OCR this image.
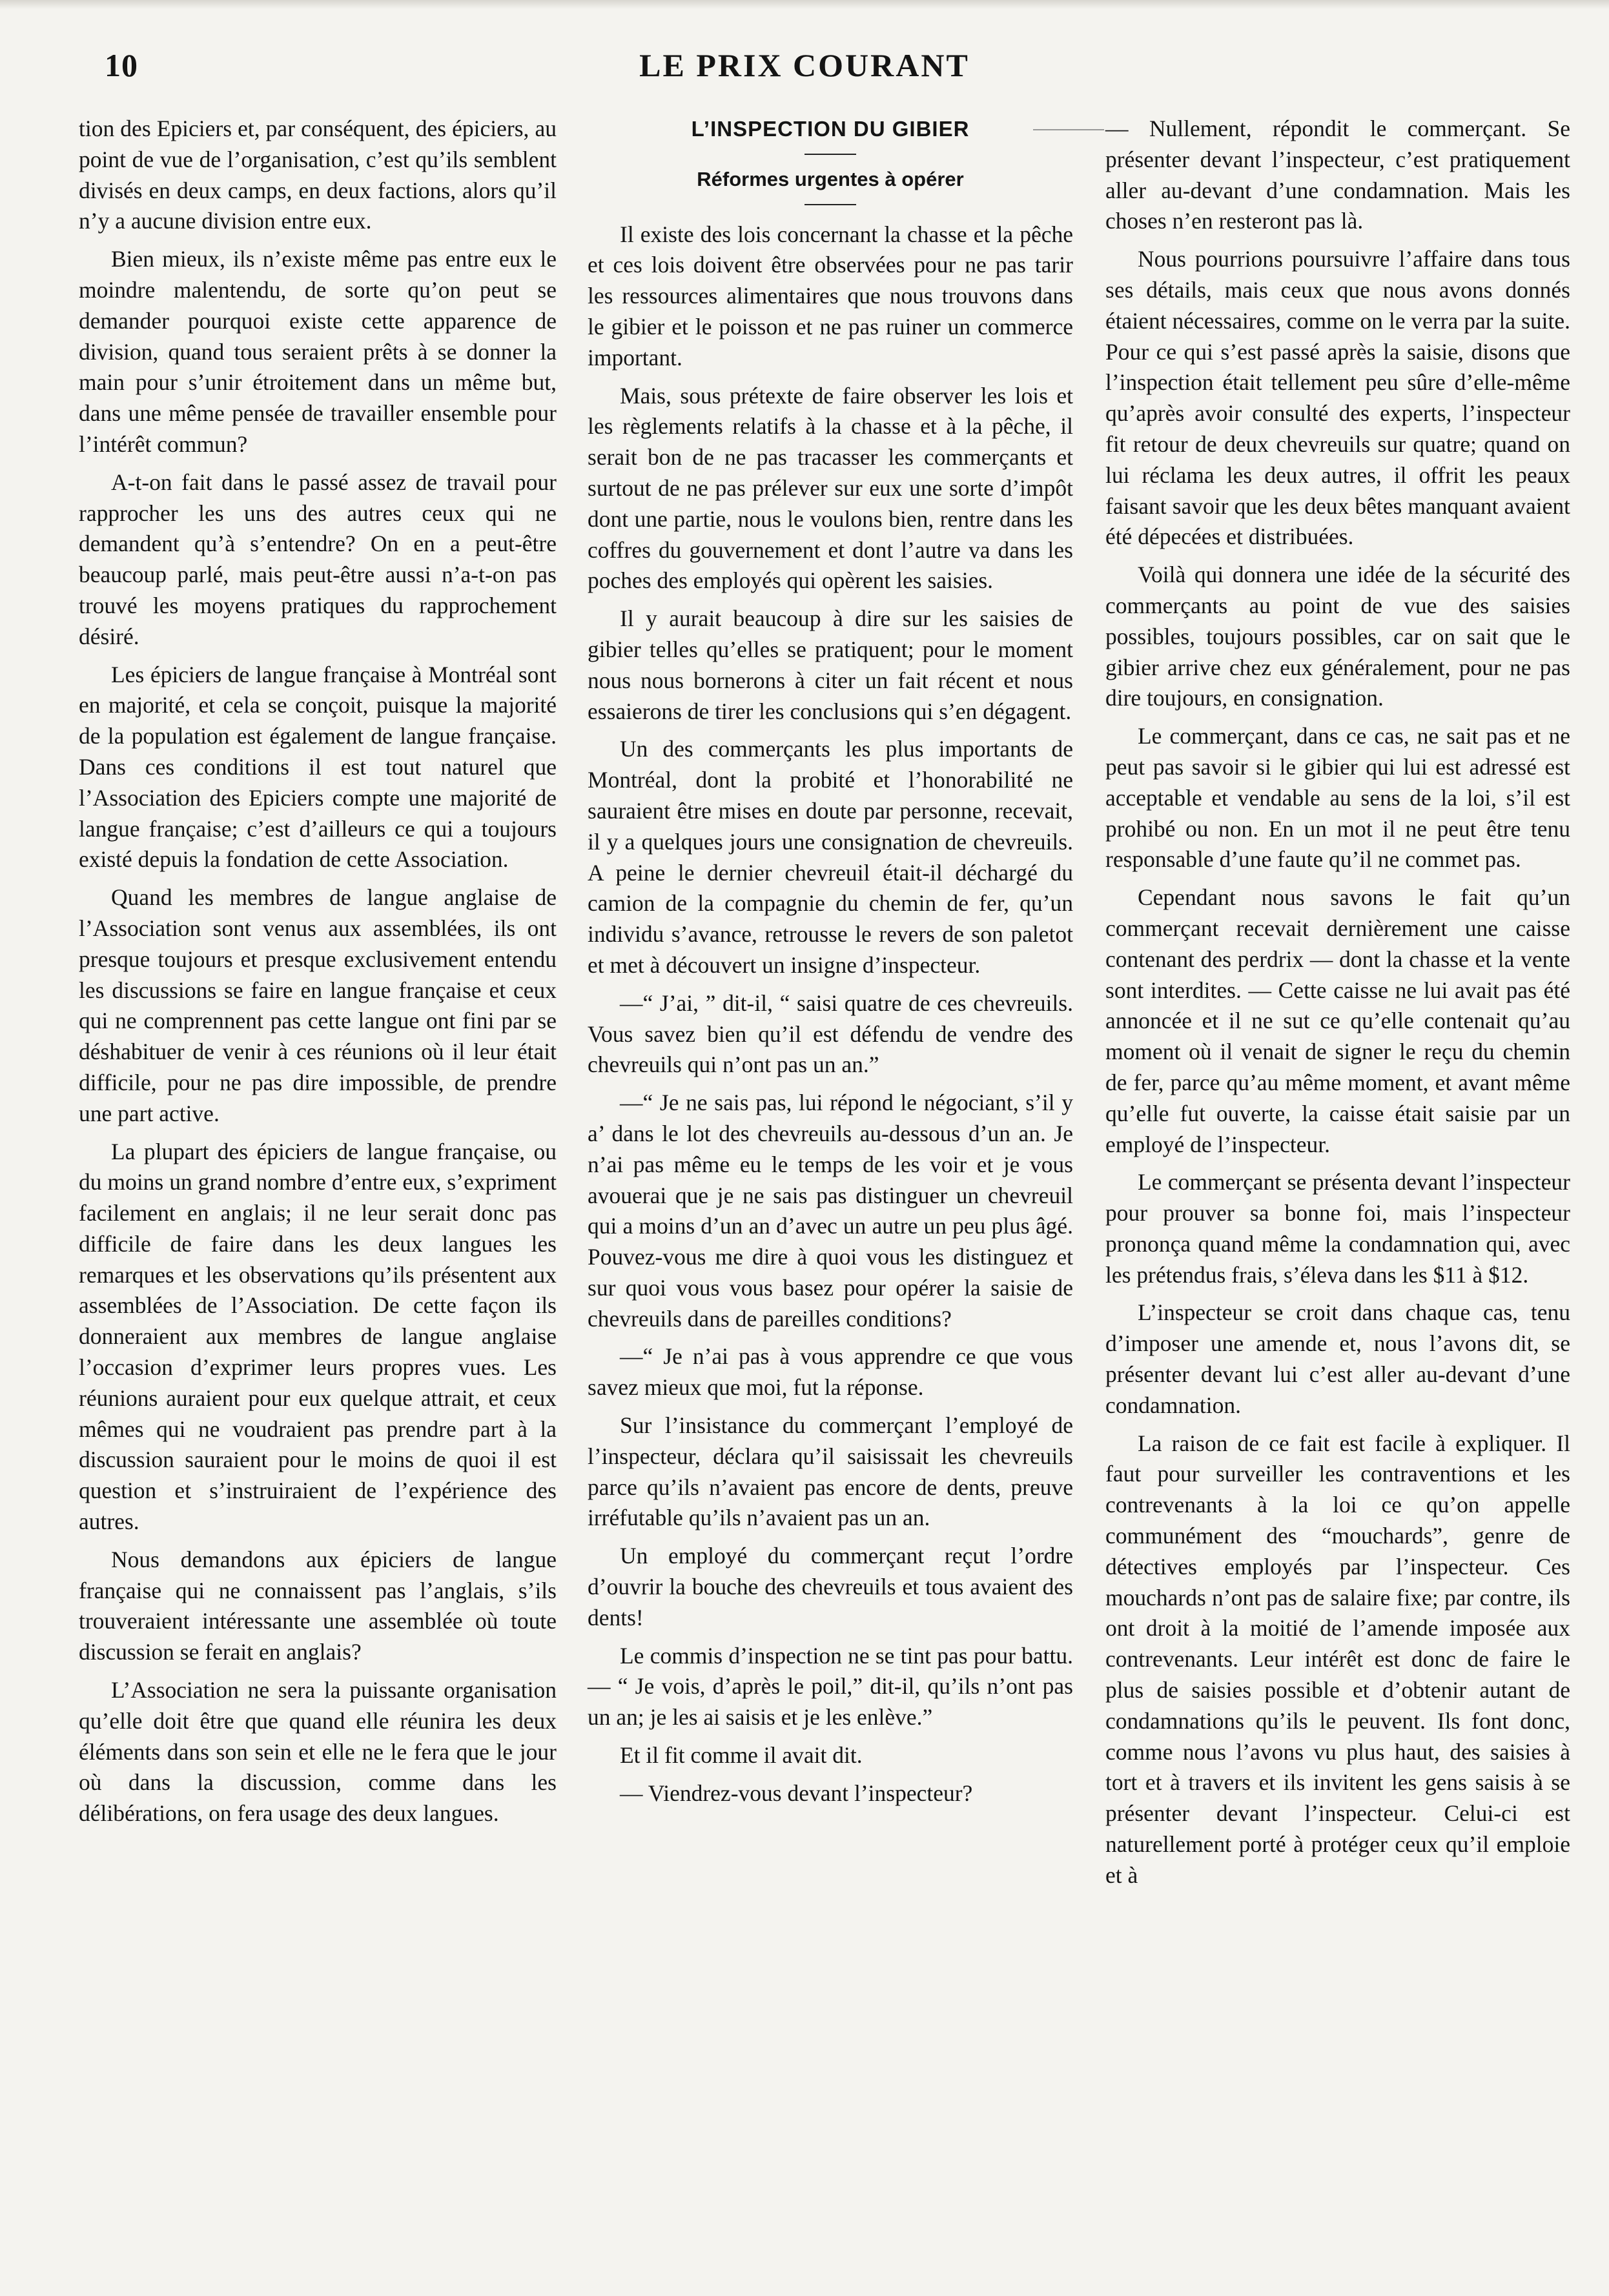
10	LE PRIX COURANT

tion des Epiciers et, par conséquent, des épiciers, au point de vue de l’organisation, c’est qu’ils semblent divisés en deux camps, en deux factions, alors qu’il n’y a aucune division entre eux.

Bien mieux, ils n’existe même pas entre eux le moindre malentendu, de sorte qu’on peut se demander pourquoi existe cette apparence de division, quand tous seraient prêts à se donner la main pour s’unir étroitement dans un même but, dans une même pensée de travailler ensemble pour l’intérêt commun?

A-t-on fait dans le passé assez de travail pour rapprocher les uns des autres ceux qui ne demandent qu’à s’entendre? On en a peut-être beaucoup parlé, mais peut-être aussi n’a-t-on pas trouvé les moyens pratiques du rapprochement désiré.

Les épiciers de langue française à Montréal sont en majorité, et cela se conçoit, puisque la majorité de la population est également de langue française. Dans ces conditions il est tout naturel que l’Association des Epiciers compte une majorité de langue française; c’est d’ailleurs ce qui a toujours existé depuis la fondation de cette Association.

Quand les membres de langue anglaise de l’Association sont venus aux assemblées, ils ont presque toujours et presque exclusivement entendu les discussions se faire en langue française et ceux qui ne comprennent pas cette langue ont fini par se déshabituer de venir à ces réunions où il leur était difficile, pour ne pas dire impossible, de prendre une part active.

La plupart des épiciers de langue française, ou du moins un grand nombre d’entre eux, s’expriment facilement en anglais; il ne leur serait donc pas difficile de faire dans les deux langues les remarques et les observations qu’ils présentent aux assemblées de l’Association. De cette façon ils donneraient aux membres de langue anglaise l’occasion d’exprimer leurs propres vues. Les réunions auraient pour eux quelque attrait, et ceux mêmes qui ne voudraient pas prendre part à la discussion sauraient pour le moins de quoi il est question et s’instruiraient de l’expérience des autres.

Nous demandons aux épiciers de langue française qui ne connaissent pas l’anglais, s’ils trouveraient intéressante une assemblée où toute discussion se ferait en anglais?

L’Association ne sera la puissante organisation qu’elle doit être que quand elle réunira les deux éléments dans son sein et elle ne le fera que le jour où dans la discussion, comme dans les délibérations, on fera usage des deux langues.

L’INSPECTION DU GIBIER
Réformes urgentes à opérer

Il existe des lois concernant la chasse et la pêche et ces lois doivent être observées pour ne pas tarir les ressources alimentaires que nous trouvons dans le gibier et le poisson et ne pas ruiner un commerce important.

Mais, sous prétexte de faire observer les lois et les règlements relatifs à la chasse et à la pêche, il serait bon de ne pas tracasser les commerçants et surtout de ne pas prélever sur eux une sorte d’impôt dont une partie, nous le voulons bien, rentre dans les coffres du gouvernement et dont l’autre va dans les poches des employés qui opèrent les saisies.

Il y aurait beaucoup à dire sur les saisies de gibier telles qu’elles se pratiquent; pour le moment nous nous bornerons à citer un fait récent et nous essaierons de tirer les conclusions qui s’en dégagent.

Un des commerçants les plus importants de Montréal, dont la probité et l’honorabilité ne sauraient être mises en doute par personne, recevait, il y a quelques jours une consignation de chevreuils. A peine le dernier chevreuil était-il déchargé du camion de la compagnie du chemin de fer, qu’un individu s’avance, retrousse le revers de son paletot et met à découvert un insigne d’inspecteur.

—“ J’ai, ” dit-il, “ saisi quatre de ces chevreuils. Vous savez bien qu’il est défendu de vendre des chevreuils qui n’ont pas un an.”

—“ Je ne sais pas, lui répond le négociant, s’il y a’ dans le lot des chevreuils au-dessous d’un an. Je n’ai pas même eu le temps de les voir et je vous avouerai que je ne sais pas distinguer un chevreuil qui a moins d’un an d’avec un autre un peu plus âgé. Pouvez-vous me dire à quoi vous les distinguez et sur quoi vous vous basez pour opérer la saisie de chevreuils dans de pareilles conditions?

—“ Je n’ai pas à vous apprendre ce que vous savez mieux que moi, fut la réponse.

Sur l’insistance du commerçant l’employé de l’inspecteur, déclara qu’il saisissait les chevreuils parce qu’ils n’avaient pas encore de dents, preuve irréfutable qu’ils n’avaient pas un an.

Un employé du commerçant reçut l’ordre d’ouvrir la bouche des chevreuils et tous avaient des dents!

Le commis d’inspection ne se tint pas pour battu. — “ Je vois, d’après le poil,” dit-il, qu’ils n’ont pas un an; je les ai saisis et je les enlève.”

Et il fit comme il avait dit.

— Viendrez-vous devant l’inspecteur?

— Nullement, répondit le commerçant. Se présenter devant l’inspecteur, c’est pratiquement aller au-devant d’une condamnation. Mais les choses n’en resteront pas là.

Nous pourrions poursuivre l’affaire dans tous ses détails, mais ceux que nous avons donnés étaient nécessaires, comme on le verra par la suite. Pour ce qui s’est passé après la saisie, disons que l’inspection était tellement peu sûre d’elle-même qu’après avoir consulté des experts, l’inspecteur fit retour de deux chevreuils sur quatre; quand on lui réclama les deux autres, il offrit les peaux faisant savoir que les deux bêtes manquant avaient été dépecées et distribuées.

Voilà qui donnera une idée de la sécurité des commerçants au point de vue des saisies possibles, toujours possibles, car on sait que le gibier arrive chez eux généralement, pour ne pas dire toujours, en consignation.

Le commerçant, dans ce cas, ne sait pas et ne peut pas savoir si le gibier qui lui est adressé est acceptable et vendable au sens de la loi, s’il est prohibé ou non. En un mot il ne peut être tenu responsable d’une faute qu’il ne commet pas.

Cependant nous savons le fait qu’un commerçant recevait dernièrement une caisse contenant des perdrix — dont la chasse et la vente sont interdites. — Cette caisse ne lui avait pas été annoncée et il ne sut ce qu’elle contenait qu’au moment où il venait de signer le reçu du chemin de fer, parce qu’au même moment, et avant même qu’elle fut ouverte, la caisse était saisie par un employé de l’inspecteur.

Le commerçant se présenta devant l’inspecteur pour prouver sa bonne foi, mais l’inspecteur prononça quand même la condamnation qui, avec les prétendus frais, s’éleva dans les $11 à $12.

L’inspecteur se croit dans chaque cas, tenu d’imposer une amende et, nous l’avons dit, se présenter devant lui c’est aller au-devant d’une condamnation.

La raison de ce fait est facile à expliquer. Il faut pour surveiller les contraventions et les contrevenants à la loi ce qu’on appelle communément des “mouchards”, genre de détectives employés par l’inspecteur. Ces mouchards n’ont pas de salaire fixe; par contre, ils ont droit à la moitié de l’amende imposée aux contrevenants. Leur intérêt est donc de faire le plus de saisies possible et d’obtenir autant de condamnations qu’ils le peuvent. Ils font donc, comme nous l’avons vu plus haut, des saisies à tort et à travers et ils invitent les gens saisis à se présenter devant l’inspecteur. Celui-ci est naturellement porté à protéger ceux qu’il emploie et à
